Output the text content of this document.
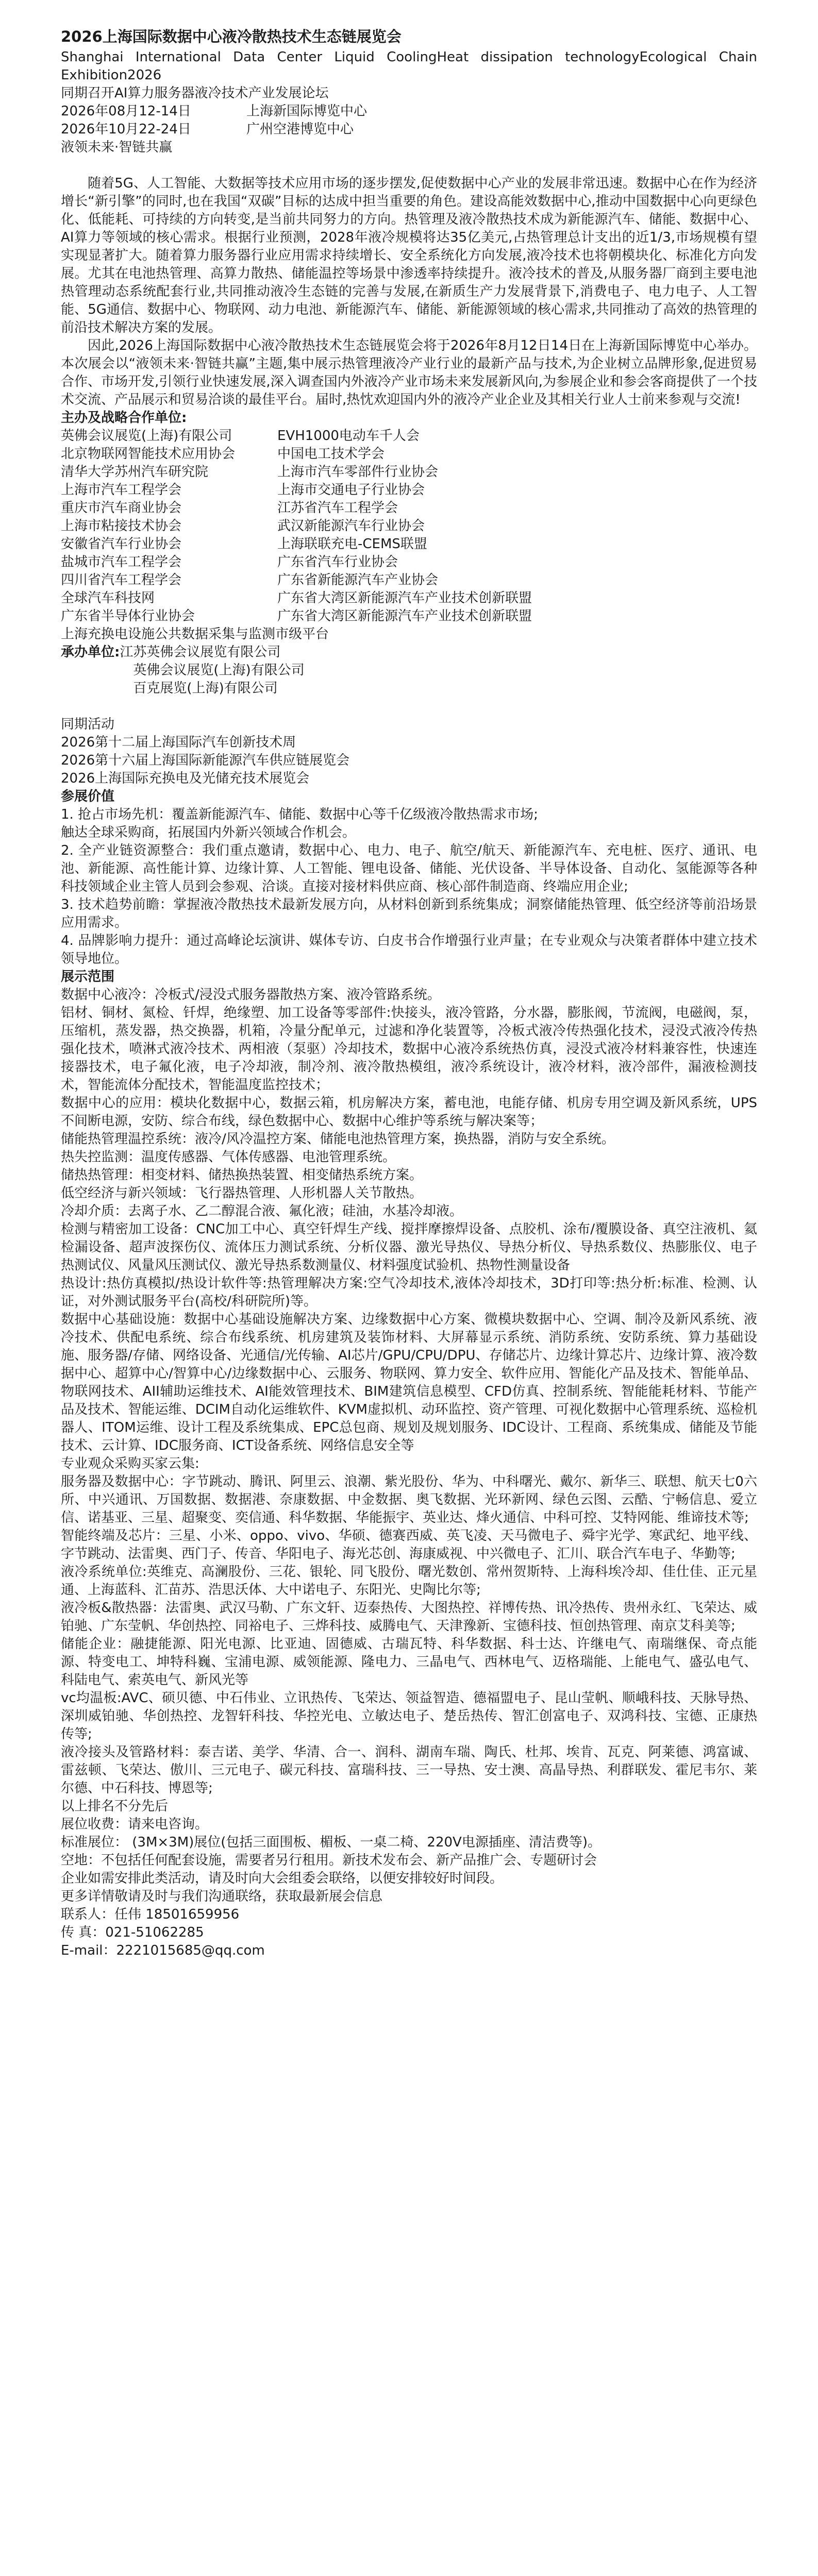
2026上海国际数据中心液冷散热技术生态链展览会
Shanghai International Data Center Liquid CoolingHeat dissipation technologyEcological Chain Exhibition2026
同期召开AI算力服务器液冷技术产业发展论坛
2026年08月12-14日	上海新国际博览中心
2026年10月22-24日	广州空港博览中心
液领未来·智链共赢
随着5G、人工智能、大数据等技术应用市场的逐步摆发,促使数据中心产业的发展非常迅速。数据中心在作为经济增长“新引擎”的同时,也在我国“双碳”目标的达成中担当重要的角色。建设高能效数据中心,推动中国数据中心向更绿色化、低能耗、可持续的方向转变,是当前共同努力的方向。热管理及液冷散热技术成为新能源汽车、储能、数据中心、AI算力等领域的核心需求。根据行业预测，2028年液冷规模将达35亿美元,占热管理总计支出的近1/3,市场规模有望实现显著扩大。随着算力服务器行业应用需求持续增长、安全系统化方向发展,液冷技术也将朝模块化、标准化方向发展。尤其在电池热管理、高算力散热、储能温控等场景中渗透率持续提升。液冷技术的普及,从服务器厂商到主要电池热管理动态系统配套行业,共同推动液冷生态链的完善与发展,在新质生产力发展背景下,消费电子、电力电子、人工智能、5G通信、数据中心、物联网、动力电池、新能源汽车、储能、新能源领域的核心需求,共同推动了高效的热管理的前沿技术解决方案的发展。
因此,2026上海国际数据中心液冷散热技术生态链展览会将于2026年8月12日14日在上海新国际博览中心举办。本次展会以“液领未来·智链共赢”主题,集中展示热管理液冷产业行业的最新产品与技术,为企业树立品牌形象,促进贸易合作、市场开发,引领行业快速发展,深入调查国内外液冷产业市场未来发展新风向,为参展企业和参会客商提供了一个技术交流、产品展示和贸易洽谈的最佳平台。届时,热忱欢迎国内外的液冷产业企业及其相关行业人士前来参观与交流!
主办及战略合作单位:
英佛会议展览(上海)有限公司	EVH1000电动车千人会
北京物联网智能技术应用协会	中国电工技术学会
清华大学苏州汽车研究院	上海市汽车零部件行业协会
上海市汽车工程学会	上海市交通电子行业协会
重庆市汽车商业协会	江苏省汽车工程学会
上海市粘接技术协会	武汉新能源汽车行业协会
安徽省汽车行业协会	上海联联充电-CEMS联盟
盐城市汽车工程学会	广东省汽车行业协会
四川省汽车工程学会	广东省新能源汽车产业协会
全球汽车科技网	广东省大湾区新能源汽车产业技术创新联盟
广东省半导体行业协会	广东省大湾区新能源汽车产业技术创新联盟
上海充换电设施公共数据采集与监测市级平台
承办单位: 江苏英佛会议展览有限公司
英佛会议展览(上海)有限公司
百克展览(上海)有限公司
同期活动
2026第十二届上海国际汽车创新技术周
2026第十六届上海国际新能源汽车供应链展览会
2026上海国际充换电及光储充技术展览会
参展价值
1. 抢占市场先机：覆盖新能源汽车、储能、数据中心等千亿级液冷散热需求市场;
触达全球采购商，拓展国内外新兴领域合作机会。
2. 全产业链资源整合：我们重点邀请，数据中心、电力、电子、航空/航天、新能源汽车、充电桩、医疗、通讯、电池、新能源、高性能计算、边缘计算、人工智能、锂电设备、储能、光伏设备、半导体设备、自动化、氢能源等各种科技领域企业主管人员到会参观、洽谈。直接对接材料供应商、核心部件制造商、终端应用企业;
3. 技术趋势前瞻：掌握液冷散热技术最新发展方向，从材料创新到系统集成；洞察储能热管理、低空经济等前沿场景应用需求。
4. 品牌影响力提升：通过高峰论坛演讲、媒体专访、白皮书合作增强行业声量；在专业观众与决策者群体中建立技术领导地位。
展示范围
数据中心液冷：冷板式/浸没式服务器散热方案、液冷管路系统。
铝材、铜材、氮检、钎焊，绝缘塑、加工设备等零部件:快接头，液冷管路，分水器，膨胀阀，节流阀，电磁阀，泵，压缩机，蒸发器，热交换器，机箱，冷量分配单元，过滤和净化装置等，冷板式液冷传热强化技术，浸没式液冷传热强化技术，喷淋式液冷技术、两相液（泵驱）冷却技术，数据中心液冷系统热仿真，浸没式液冷材料兼容性，快速连接器技术，电子氟化液，电子冷却液，制冷剂、液冷散热模组，液冷系统设计，液冷材料，液冷部件，漏液检测技术，智能流体分配技术，智能温度监控技术；
数据中心的应用：模块化数据中心，数据云箱，机房解决方案，蓄电池，电能存储、机房专用空调及新风系统，UPS不间断电源，安防、综合布线，绿色数据中心、数据中心维护等系统与解决案等；
储能热管理温控系统：液冷/风冷温控方案、储能电池热管理方案，换热器，消防与安全系统。
热失控监测：温度传感器、气体传感器、电池管理系统。
储热热管理：相变材料、储热换热装置、相变储热系统方案。
低空经济与新兴领域：飞行器热管理、人形机器人关节散热。
冷却介质：去离子水、乙二醇混合液、氟化液；硅油，水基冷却液。
检测与精密加工设备：CNC加工中心、真空钎焊生产线、搅拌摩擦焊设备、点胶机、涂布/覆膜设备、真空注液机、氦检漏设备、超声波探伤仪、流体压力测试系统、分析仪器、激光导热仪、导热分析仪、导热系数仪、热膨胀仪、电子热测试仪、风量风压测试仪、激光导热系数测量仪、材料强度试验机、热物性测量设备
热设计:热仿真模拟/热设计软件等:热管理解决方案:空气冷却技术,液体冷却技术，3D打印等:热分析:标准、检测、认证，对外测试服务平台(高校/科研院所)等。
数据中心基础设施：数据中心基础设施解决方案、边缘数据中心方案、微模块数据中心、空调、制冷及新风系统、液冷技术、供配电系统、综合布线系统、机房建筑及装饰材料、大屏幕显示系统、消防系统、安防系统、算力基础设施、服务器/存储、网络设备、光通信/光传输、AI芯片/GPU/CPU/DPU、存储芯片、边缘计算芯片、边缘计算、液冷数据中心、超算中心/智算中心/边缘数据中心、云服务、物联网、算力安全、软件应用、智能化产品及技术、智能单品、物联网技术、AII辅助运维技术、AI能效管理技术、BIM建筑信息模型、CFD仿真、控制系统、智能能耗材料、节能产品及技术、智能运维、DCIM自动化运维软件、KVM虚拟机、动环监控、资产管理、可视化数据中心管理系统、巡检机器人、ITOM运维、设计工程及系统集成、EPC总包商、规划及规划服务、IDC设计、工程商、系统集成、储能及节能技术、云计算、IDC服务商、ICT设备系统、网络信息安全等
专业观众采购买家云集:
服务器及数据中心：字节跳动、腾讯、阿里云、浪潮、紫光股份、华为、中科曙光、戴尔、新华三、联想、航天七0六所、中兴通讯、万国数据、数据港、奈康数据、中金数据、奥飞数据、光环新网、绿色云图、云酷、宁畅信息、爱立信、诺基亚、三星、超聚变、奕信通、科华数据、华能振宇、英业达、烽火通信、中科可控、艾特网能、维谛技术等;
智能终端及芯片：三星、小米、oppo、vivo、华硕、德赛西威、英飞凌、天马微电子、舜宇光学、寒武纪、地平线、字节跳动、法雷奥、西门子、传音、华阳电子、海光芯创、海康威视、中兴微电子、汇川、联合汽车电子、华勤等;
液冷系统单位:英维克、高澜股份、三花、银轮、同飞股份、曙光数创、常州贺斯特、上海科埃冷却、佳仕佳、正元星通、上海蓝科、汇苗苏、浩思沃体、大中诺电子、东阳光、史陶比尔等;
液冷板&散热器：法雷奥、武汉马勒、广东文轩、迈泰热传、大图热控、祥博传热、讯冷热传、贵州永红、飞荣达、威铂驰、广东莹帆、华创热控、同裕电子、三烨科技、威腾电气、天津豫新、宝德科技、恒创热管理、南京艾科美等;
储能企业：融捷能源、阳光电源、比亚迪、固德威、古瑞瓦特、科华数据、科士达、许继电气、南瑞继保、奇点能源、特变电工、坤特科巍、宝浦电源、威领能源、隆电力、三晶电气、西林电气、迈格瑞能、上能电气、盛弘电气、科陆电气、索英电气、新风光等
vc均温板:AVC、硕贝德、中石伟业、立讯热传、飞荣达、领益智造、德福盟电子、昆山莹帆、顺峨科技、天脉导热、深圳威铂驰、华创热控、龙智轩科技、华控光电、立敏达电子、楚岳热传、智汇创富电子、双鸿科技、宝德、正康热传等;
液冷接头及管路材料：泰吉诺、美学、华清、合一、润科、湖南车瑞、陶氏、杜邦、埃肯、瓦克、阿莱德、鸿富诚、雷兹顿、飞荣达、傲川、三元电子、碳元科技、富瑞科技、三一导热、安士澳、高晶导热、利群联发、霍尼韦尔、莱尔德、中石科技、博恩等;
以上排名不分先后
展位收费：请来电咨询。
标准展位： (3M×3M)展位(包括三面围板、楣板、一桌二椅、220V电源插座、清洁费等)。
空地：不包括任何配套设施，需要者另行租用。新技术发布会、新产品推广会、专题研讨会
企业如需安排此类活动，请及时向大会组委会联络，以便安排较好时间段。
更多详情敬请及时与我们沟通联络，获取最新展会信息
联系人：任伟 18501659956
传 真：021-51062285
E-mail：2221015685@qq.com
